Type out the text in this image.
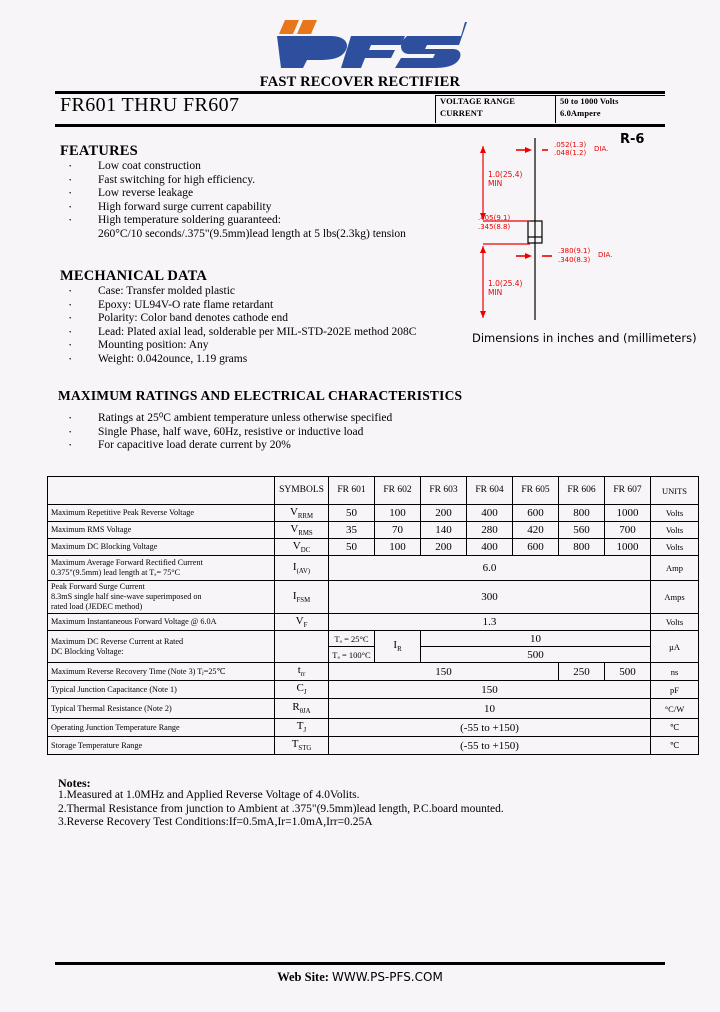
FAST RECOVER RECTIFIER
FR601 THRU FR607	VOLTAGE RANGE
CURRENT
50 to 1000 Volts
6.0Ampere
FEATURES
· Low coat construction
· Fast switching for high efficiency.
· Low reverse leakage
· High forward surge current capability
· High temperature soldering guaranteed:
260°C/10 seconds/.375"(9.5mm)lead length at 5 lbs(2.3kg) tension
MECHANICAL DATA
· Case: Transfer molded plastic
· Epoxy: UL94V-O rate flame retardant
· Polarity: Color band denotes cathode end
· Lead: Plated axial lead, solderable per MIL-STD-202E method 208C
· Mounting position: Any
· Weight: 0.042ounce, 1.19 grams
R-6
.052(1.3)
.048(1.2) DIA.
1.0(25.4)
MIN
.405(9.1)
.345(8.8)
.380(9.1)
.340(8.3)
DIA.
1.0(25.4)
MIN
Dimensions in inches and (millimeters)
MAXIMUM RATINGS AND ELECTRICAL CHARACTERISTICS
· Ratings at 25⁰C ambient temperature unless otherwise specified
· Single Phase, half wave, 60Hz, resistive or inductive load
· For capacitive load derate current by 20%
	SYMBOLS	FR 601	FR 602	FR 603	FR 604	FR 605	FR 606	FR 607	UNITS
Maximum Repetitive Peak Reverse Voltage	$V_{RRM}$	50	100	200	400	600	800	1000	Volts
Maximum RMS Voltage	$V_{RMS}$	35	70	140	280	420	560	700	Volts
Maximum DC Blocking Voltage	$V_{DC}$	50	100	200	400	600	800	1000	Volts

Maximum Average Forward Rectified Current
0.375"(9.5mm) lead length at Tₐ= 75°C	$I_{(AV)}$	6.0							Amp

Peak Forward Surge Current
8.3mS single half sine-wave superimposed on
rated load (JEDEC method)	$I_{FSM}$	300							Amps
Maximum Instantaneous Forward Voltage @ 6.0A	$V_F$	1.3							Volts

Maximum DC Reverse Current at Rated
DC Blocking Voltage:		Tₐ = 25°C	$I_R$	10					µA
		Tₐ = 100°C		500					
Maximum Reverse Recovery Time (Note 3) Tⱼ=25℃	$t_{rr}$	150					250	500	ns
Typical Junction Capacitance (Note 1)	$C_J$	150							pF
Typical Thermal Resistance (Note 2)	$R_{\theta JA}$	10							°C/W
Operating Junction Temperature Range	$T_J$	(-55 to +150)							℃
Storage Temperature Range	$T_{STG}$	(-55 to +150)							℃
Notes:
1.Measured at 1.0MHz and Applied Reverse Voltage of 4.0Volits.
2.Thermal Resistance from junction to Ambient at .375"(9.5mm)lead length, P.C.board mounted.
3.Reverse Recovery Test Conditions:If=0.5mA,Ir=1.0mA,Irr=0.25A
Web Site: WWW.PS-PFS.COM
